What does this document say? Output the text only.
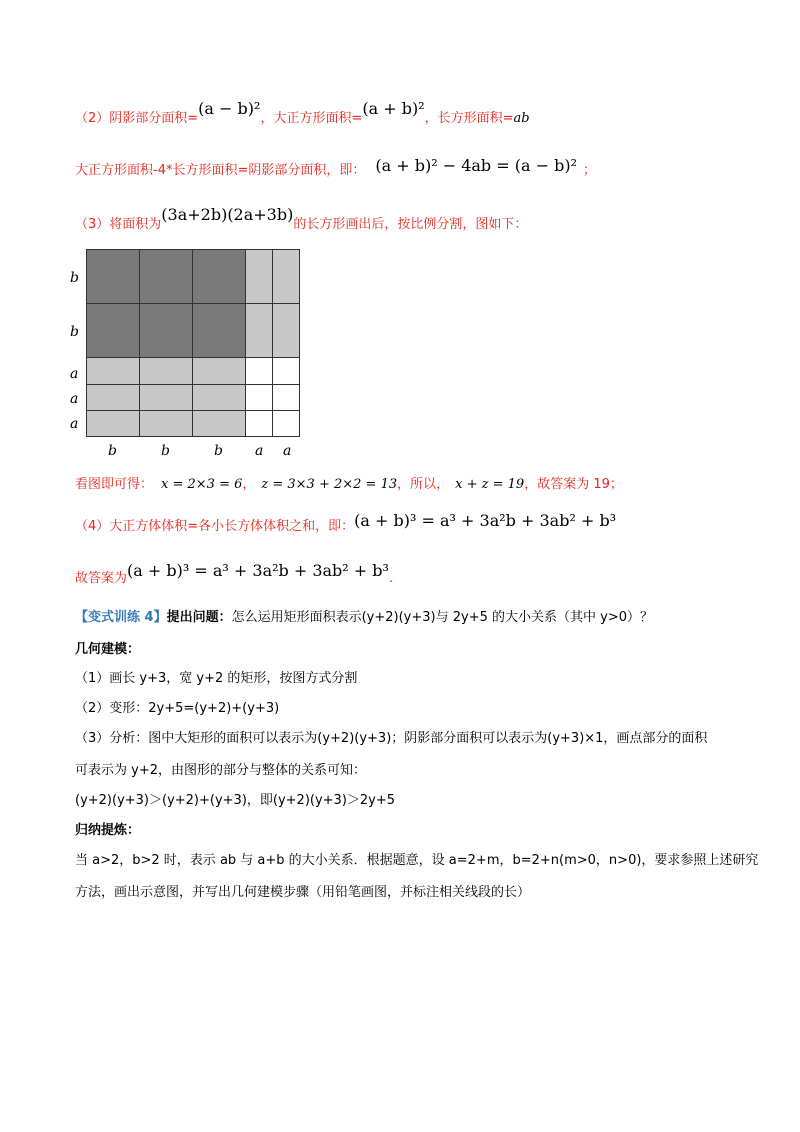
（2）阴影部分面积=(a − b)²，大正方形面积=(a + b)²，长方形面积=ab
大正方形面积-4*长方形面积=阴影部分面积，即： (a + b)² − 4ab = (a − b)² ；
（3）将面积为(3a+2b)(2a+3b)的长方形画出后，按比例分割，图如下：
b
b
a
a
a
b	b	b a a
看图即可得： x = 2×3 = 6， z = 3×3 + 2×2 = 13，所以， x + z = 19，故答案为 19；
（4）大正方体体积=各小长方体体积之和，即：(a + b)³ = a³ + 3a²b + 3ab² + b³
故答案为(a + b)³ = a³ + 3a²b + 3ab² + b³.
【变式训练 4】提出问题：怎么运用矩形面积表示(y+2)(y+3)与 2y+5 的大小关系（其中 y>0）？
几何建模：
（1）画长 y+3，宽 y+2 的矩形，按图方式分割
（2）变形：2y+5=(y+2)+(y+3)
（3）分析：图中大矩形的面积可以表示为(y+2)(y+3)；阴影部分面积可以表示为(y+3)×1，画点部分的面积
可表示为 y+2，由图形的部分与整体的关系可知：
(y+2)(y+3)＞(y+2)+(y+3)，即(y+2)(y+3)＞2y+5
归纳提炼：
当 a>2，b>2 时，表示 ab 与 a+b 的大小关系．根据题意，设 a=2+m，b=2+n(m>0，n>0)，要求参照上述研究
方法，画出示意图，并写出几何建模步骤（用铅笔画图，并标注相关线段的长）
